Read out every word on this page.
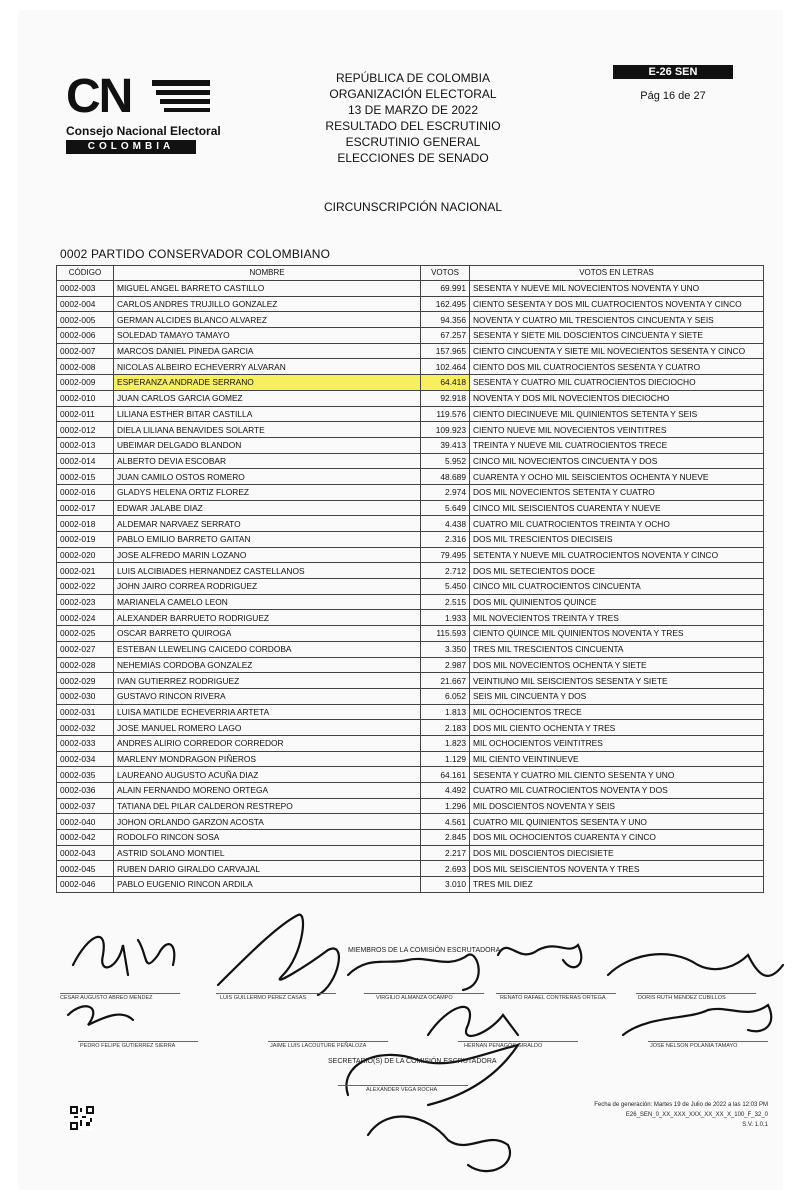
CN
Consejo Nacional Electoral
COLOMBIA
REPÚBLICA DE COLOMBIA
ORGANIZACIÓN ELECTORAL
13 DE MARZO DE 2022
RESULTADO DEL ESCRUTINIO
ESCRUTINIO GENERAL
ELECCIONES DE SENADO
CIRCUNSCRIPCIÓN NACIONAL
E-26 SEN
Pág 16 de 27
0002 PARTIDO CONSERVADOR COLOMBIANO
CÓDIGO	NOMBRE	VOTOS	VOTOS EN LETRAS
0002-003	MIGUEL ANGEL BARRETO CASTILLO	69.991	SESENTA Y NUEVE MIL NOVECIENTOS NOVENTA Y UNO
0002-004	CARLOS ANDRES TRUJILLO GONZALEZ	162.495	CIENTO SESENTA Y DOS MIL CUATROCIENTOS NOVENTA Y CINCO
0002-005	GERMAN ALCIDES BLANCO ALVAREZ	94.356	NOVENTA Y CUATRO MIL TRESCIENTOS CINCUENTA Y SEIS
0002-006	SOLEDAD TAMAYO TAMAYO	67.257	SESENTA Y SIETE MIL DOSCIENTOS CINCUENTA Y SIETE
0002-007	MARCOS DANIEL PINEDA GARCIA	157.965	CIENTO CINCUENTA Y SIETE MIL NOVECIENTOS SESENTA Y CINCO
0002-008	NICOLAS ALBEIRO ECHEVERRY ALVARAN	102.464	CIENTO DOS MIL CUATROCIENTOS SESENTA Y CUATRO
0002-009	ESPERANZA ANDRADE SERRANO	64.418	SESENTA Y CUATRO MIL CUATROCIENTOS DIECIOCHO
0002-010	JUAN CARLOS GARCIA GOMEZ	92.918	NOVENTA Y DOS MIL NOVECIENTOS DIECIOCHO
0002-011	LILIANA ESTHER BITAR CASTILLA	119.576	CIENTO DIECINUEVE MIL QUINIENTOS SETENTA Y SEIS
0002-012	DIELA LILIANA BENAVIDES SOLARTE	109.923	CIENTO NUEVE MIL NOVECIENTOS VEINTITRES
0002-013	UBEIMAR DELGADO BLANDON	39.413	TREINTA Y NUEVE MIL CUATROCIENTOS TRECE
0002-014	ALBERTO DEVIA ESCOBAR	5.952	CINCO MIL NOVECIENTOS CINCUENTA Y DOS
0002-015	JUAN CAMILO OSTOS ROMERO	48.689	CUARENTA Y OCHO MIL SEISCIENTOS OCHENTA Y NUEVE
0002-016	GLADYS HELENA ORTIZ FLOREZ	2.974	DOS MIL NOVECIENTOS SETENTA Y CUATRO
0002-017	EDWAR JALABE DIAZ	5.649	CINCO MIL SEISCIENTOS CUARENTA Y NUEVE
0002-018	ALDEMAR NARVAEZ SERRATO	4.438	CUATRO MIL CUATROCIENTOS TREINTA Y OCHO
0002-019	PABLO EMILIO BARRETO GAITAN	2.316	DOS MIL TRESCIENTOS DIECISEIS
0002-020	JOSE ALFREDO MARIN LOZANO	79.495	SETENTA Y NUEVE MIL CUATROCIENTOS NOVENTA Y CINCO
0002-021	LUIS ALCIBIADES HERNANDEZ CASTELLANOS	2.712	DOS MIL SETECIENTOS DOCE
0002-022	JOHN JAIRO CORREA RODRIGUEZ	5.450	CINCO MIL CUATROCIENTOS CINCUENTA
0002-023	MARIANELA CAMELO LEON	2.515	DOS MIL QUINIENTOS QUINCE
0002-024	ALEXANDER BARRUETO RODRIGUEZ	1.933	MIL NOVECIENTOS TREINTA Y TRES
0002-025	OSCAR BARRETO QUIROGA	115.593	CIENTO QUINCE MIL QUINIENTOS NOVENTA Y TRES
0002-027	ESTEBAN LLEWELING CAICEDO CORDOBA	3.350	TRES MIL TRESCIENTOS CINCUENTA
0002-028	NEHEMIAS CORDOBA GONZALEZ	2.987	DOS MIL NOVECIENTOS OCHENTA Y SIETE
0002-029	IVAN GUTIERREZ RODRIGUEZ	21.667	VEINTIUNO MIL SEISCIENTOS SESENTA Y SIETE
0002-030	GUSTAVO RINCON RIVERA	6.052	SEIS MIL CINCUENTA Y DOS
0002-031	LUISA MATILDE ECHEVERRIA ARTETA	1.813	MIL OCHOCIENTOS TRECE
0002-032	JOSE MANUEL ROMERO LAGO	2.183	DOS MIL CIENTO OCHENTA Y TRES
0002-033	ANDRES ALIRIO CORREDOR CORREDOR	1.823	MIL OCHOCIENTOS VEINTITRES
0002-034	MARLENY MONDRAGON PIÑEROS	1.129	MIL CIENTO VEINTINUEVE
0002-035	LAUREANO AUGUSTO ACUÑA DIAZ	64.161	SESENTA Y CUATRO MIL CIENTO SESENTA Y UNO
0002-036	ALAIN FERNANDO MORENO ORTEGA	4.492	CUATRO MIL CUATROCIENTOS NOVENTA Y DOS
0002-037	TATIANA DEL PILAR CALDERON RESTREPO	1.296	MIL DOSCIENTOS NOVENTA Y SEIS
0002-040	JOHON ORLANDO GARZON ACOSTA	4.561	CUATRO MIL QUINIENTOS SESENTA Y UNO
0002-042	RODOLFO RINCON SOSA	2.845	DOS MIL OCHOCIENTOS CUARENTA Y CINCO
0002-043	ASTRID SOLANO MONTIEL	2.217	DOS MIL DOSCIENTOS DIECISIETE
0002-045	RUBEN DARIO GIRALDO CARVAJAL	2.693	DOS MIL SEISCIENTOS NOVENTA Y TRES
0002-046	PABLO EUGENIO RINCON ARDILA	3.010	TRES MIL DIEZ
MIEMBROS DE LA COMISIÓN ESCRUTADORA
CESAR AUGUSTO ABREO MENDEZ	LUIS GUILLERMO PEREZ CASAS	VIRGILIO ALMANZA OCAMPO	RENATO RAFAEL CONTRERAS ORTEGA	DORIS RUTH MENDEZ CUBILLOS
PEDRO FELIPE GUTIERREZ SIERRA	JAIME LUIS LACOUTURE PEÑALOZA	HERNAN PENAGOS GIRALDO	JOSE NELSON POLANIA TAMAYO
SECRETARIO(S) DE LA COMISIÓN ESCRUTADORA
ALEXANDER VEGA ROCHA
Fecha de generación: Martes 19 de Julio de 2022 a las 12:03 PM
E26_SEN_0_XX_XXX_XXX_XX_XX_X_100_F_32_0
S.V. 1.0.1
